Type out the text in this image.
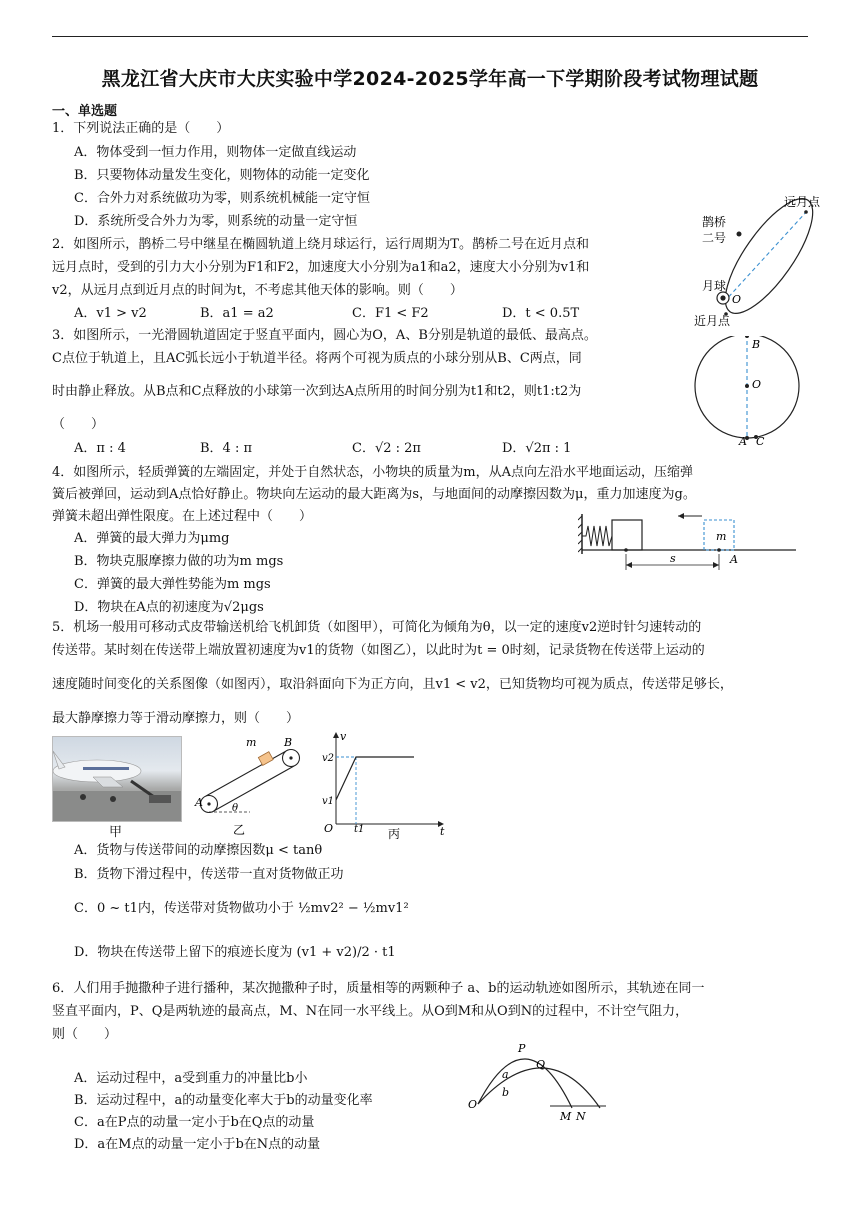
黑龙江省大庆市大庆实验中学2024-2025学年高一下学期阶段考试物理试题
一、单选题
1．下列说法正确的是（　　）
A．物体受到一恒力作用，则物体一定做直线运动
B．只要物体动量发生变化，则物体的动能一定变化
C．合外力对系统做功为零，则系统机械能一定守恒
D．系统所受合外力为零，则系统的动量一定守恒
2．如图所示，鹊桥二号中继星在椭圆轨道上绕月球运行，运行周期为T。鹊桥二号在近月点和
远月点时，受到的引力大小分别为F1和F2，加速度大小分别为a1和a2，速度大小分别为v1和
v2，从远月点到近月点的时间为t，不考虑其他天体的影响。则（　　）
A．v1 > v2	B．a1 = a2	C．F1 < F2	D．t < 0.5T
远月点
鹊桥
二号
月球
O
近月点
3．如图所示，一光滑圆轨道固定于竖直平面内，圆心为O，A、B分别是轨道的最低、最高点。
C点位于轨道上，且AC弧长远小于轨道半径。将两个可视为质点的小球分别从B、C两点，同
时由静止释放。从B点和C点释放的小球第一次到达A点所用的时间分别为t1和t2，则t1:t2为
（　　）
A．π : 4	B．4 : π	C．√2 : 2π	D．√2π : 1
B
O
A C
4．如图所示，轻质弹簧的左端固定，并处于自然状态，小物块的质量为m，从A点向左沿水平地面运动，压缩弹
簧后被弹回，运动到A点恰好静止。物块向左运动的最大距离为s，与地面间的动摩擦因数为μ，重力加速度为g。
弹簧未超出弹性限度。在上述过程中（　　）
A．弹簧的最大弹力为μmg
B．物块克服摩擦力做的功为m mgs
C．弹簧的最大弹性势能为m mgs
D．物块在A点的初速度为√2μgs
m
s	A
5．机场一般用可移动式皮带输送机给飞机卸货（如图甲），可简化为倾角为θ，以一定的速度v2逆时针匀速转动的
传送带。某时刻在传送带上端放置初速度为v1的货物（如图乙），以此时为t = 0时刻，记录货物在传送带上运动的
速度随时间变化的关系图像（如图丙），取沿斜面向下为正方向，且v1 < v2，已知货物均可视为质点，传送带足够长，
最大静摩擦力等于滑动摩擦力，则（　　）
甲
m	B
A	θ
乙
v
v2
v1
O t1	t
丙
A．货物与传送带间的动摩擦因数μ < tanθ
B．货物下滑过程中，传送带一直对货物做正功
C．0 ~ t1内，传送带对货物做功小于 ½mv2² − ½mv1²
D．物块在传送带上留下的痕迹长度为 (v1 + v2)/2 · t1
6．人们用手抛撒种子进行播种，某次抛撒种子时，质量相等的两颗种子 a、b的运动轨迹如图所示，其轨迹在同一
竖直平面内，P、Q是两轨迹的最高点，M、N在同一水平线上。从O到M和从O到N的过程中，不计空气阻力，
则（　　）
A．运动过程中，a受到重力的冲量比b小
B．运动过程中，a的动量变化率大于b的动量变化率
C．a在P点的动量一定小于b在Q点的动量
D．a在M点的动量一定小于b在N点的动量
P
Q
a
b
O
M N
